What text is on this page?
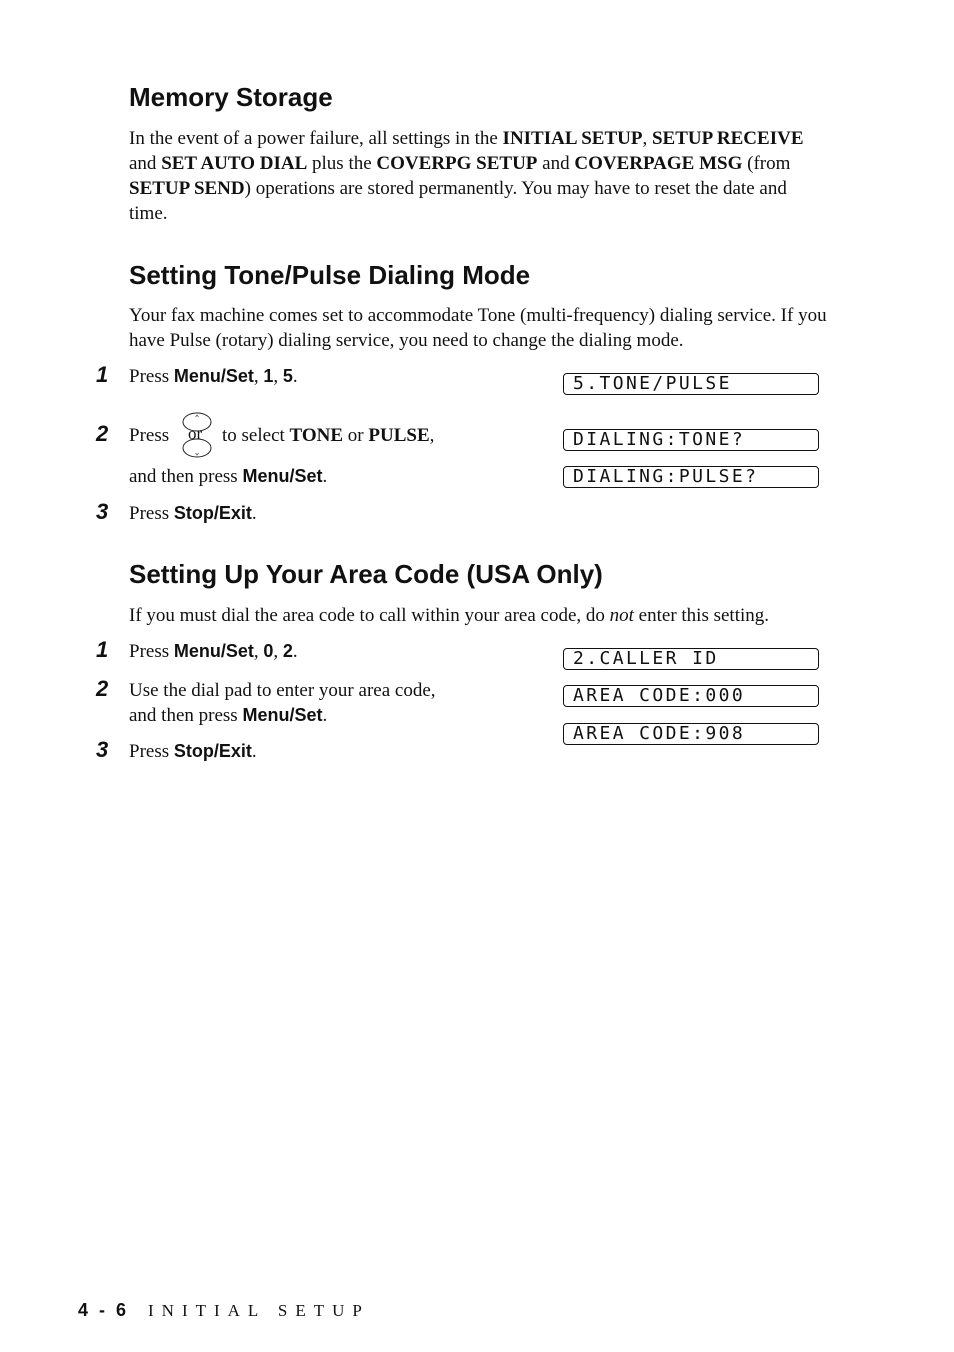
Memory Storage

In the event of a power failure, all settings in the INITIAL SETUP, SETUP RECEIVE and SET AUTO DIAL plus the COVERPG SETUP and COVERPAGE MSG (from SETUP SEND) operations are stored permanently. You may have to reset the date and time.

Setting Tone/Pulse Dialing Mode

Your fax machine comes set to accommodate Tone (multi-frequency) dialing service. If you have Pulse (rotary) dialing service, you need to change the dialing mode.

1 Press Menu/Set, 1, 5.
2 Press or to select TONE or PULSE,
and then press Menu/Set.
3 Press Stop/Exit.
5.TONE/PULSE
DIALING:TONE?
DIALING:PULSE?
Setting Up Your Area Code (USA Only)

If you must dial the area code to call within your area code, do not enter this setting.

1 Press Menu/Set, 0, 2.
2 Use the dial pad to enter your area code,
and then press Menu/Set.
3 Press Stop/Exit.
2.CALLER ID
AREA CODE:000
AREA CODE:908
4 - 6 INITIAL SETUP
